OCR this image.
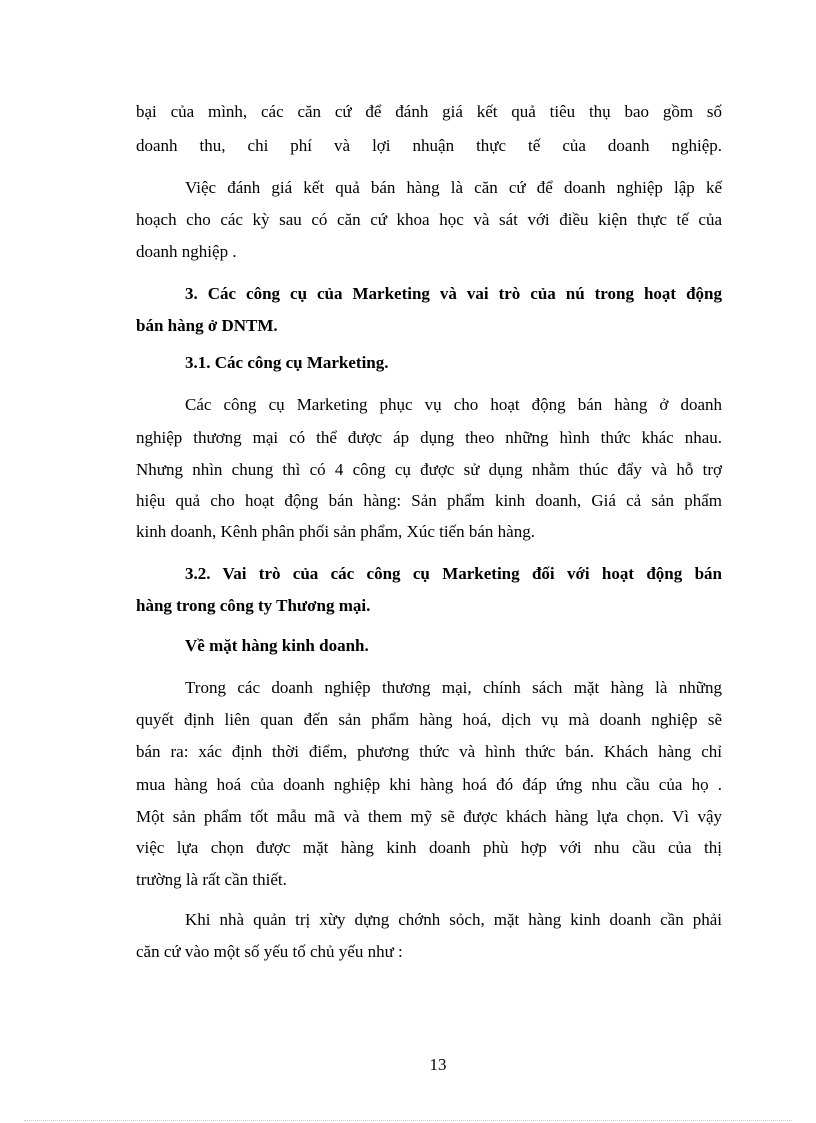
bại của mình, các căn cứ để đánh giá kết quả tiêu thụ bao gồm số
doanh thu, chi phí và lợi nhuận thực tế của doanh nghiệp.
Việc đánh giá kết quả bán hàng là căn cứ để doanh nghiệp lập kế
hoạch cho các kỳ sau có căn cứ khoa học và sát với điều kiện thực tế của
doanh nghiệp .
3. Các công cụ của Marketing và vai trò của nú trong hoạt động
bán hàng ở DNTM.
3.1. Các công cụ Marketing.
Các công cụ Marketing phục vụ cho hoạt động bán hàng ở doanh
nghiệp thương mại có thể được áp dụng theo những hình thức khác nhau.
Nhưng nhìn chung thì có 4 công cụ được sử dụng nhằm thúc đẩy và hỗ trợ
hiệu quả cho hoạt động bán hàng: Sản phẩm kinh doanh, Giá cả sản phẩm
kinh doanh, Kênh phân phối sản phẩm, Xúc tiến bán hàng.
3.2. Vai trò của các công cụ Marketing đối với hoạt động bán
hàng trong công ty Thương mại.
Về mặt hàng kinh doanh.
Trong các doanh nghiệp thương mại, chính sách mặt hàng là những
quyết định liên quan đến sản phẩm hàng hoá, dịch vụ mà doanh nghiệp sẽ
bán ra: xác định thời điểm, phương thức và hình thức bán. Khách hàng chỉ
mua hàng hoá của doanh nghiệp khi hàng hoá đó đáp ứng nhu cầu của họ .
Một sản phẩm tốt mẫu mã và them mỹ sẽ được khách hàng lựa chọn. Vì vậy
việc lựa chọn được mặt hàng kinh doanh phù hợp với nhu cầu của thị
trường là rất cần thiết.
Khi nhà quản trị xừy dựng chớnh sỏch, mặt hàng kinh doanh cần phải
căn cứ vào một số yếu tố chủ yếu như :
13
